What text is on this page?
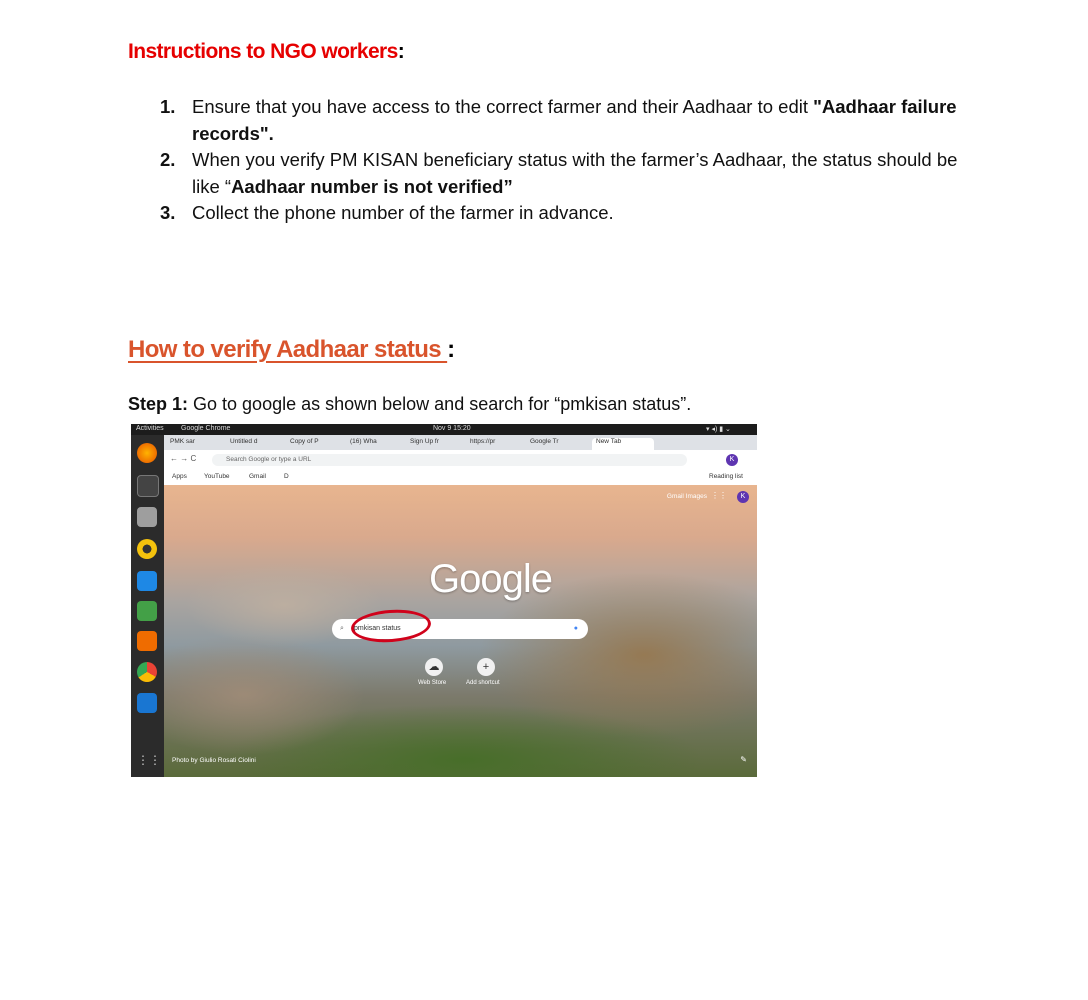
Instructions to NGO workers:
1. Ensure that you have access to the correct farmer and their Aadhaar to edit "Aadhaar failure records".
2. When you verify PM KISAN beneficiary status with the farmer’s Aadhaar, the status should be like “Aadhaar number is not verified”
3. Collect the phone number of the farmer in advance.
How to verify Aadhaar status :
Step 1: Go to google as shown below and search for “pmkisan status”.
Activities Google Chrome	Nov 9 15:20	▾ ◂) ▮ ⌄
⋮⋮
PMK sar	Untitled d	Copy of P	(16) Wha	Sign Up fr	https://pr	Google Tr	New Tab
← → C	Search Google or type a URL	K
Apps	YouTube	Gmail	D	Reading list
Gmail Images ⋮⋮	K
Google
⌕ pmkisan status	●
☁
Web Store
+
Add shortcut
Photo by Giulio Rosati Ciolini	✎
